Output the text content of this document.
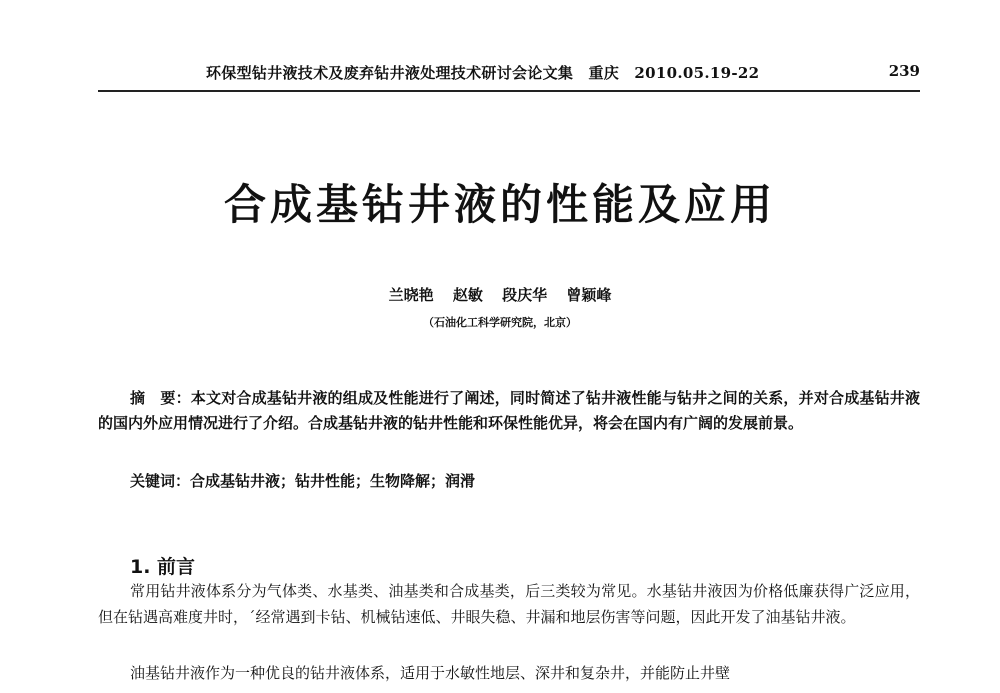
环保型钻井液技术及废弃钻井液处理技术研讨会论文集　重庆　2010.05.19-22	239
合成基钻井液的性能及应用
兰晓艳 赵敏 段庆华 曾颖峰
（石油化工科学研究院，北京）
摘　要：本文对合成基钻井液的组成及性能进行了阐述，同时简述了钻井液性能与钻井之间的关系，并对合成基钻井液的国内外应用情况进行了介绍。合成基钻井液的钻井性能和环保性能优异，将会在国内有广阔的发展前景。
关键词：合成基钻井液；钻井性能；生物降解；润滑
1. 前言
常用钻井液体系分为气体类、水基类、油基类和合成基类，后三类较为常见。水基钻井液因为价格低廉获得广泛应用，但在钻遇高难度井时，´经常遇到卡钻、机械钻速低、井眼失稳、井漏和地层伤害等问题，因此开发了油基钻井液。
油基钻井液作为一种优良的钻井液体系，适用于水敏性地层、深井和复杂井，并能防止井壁
